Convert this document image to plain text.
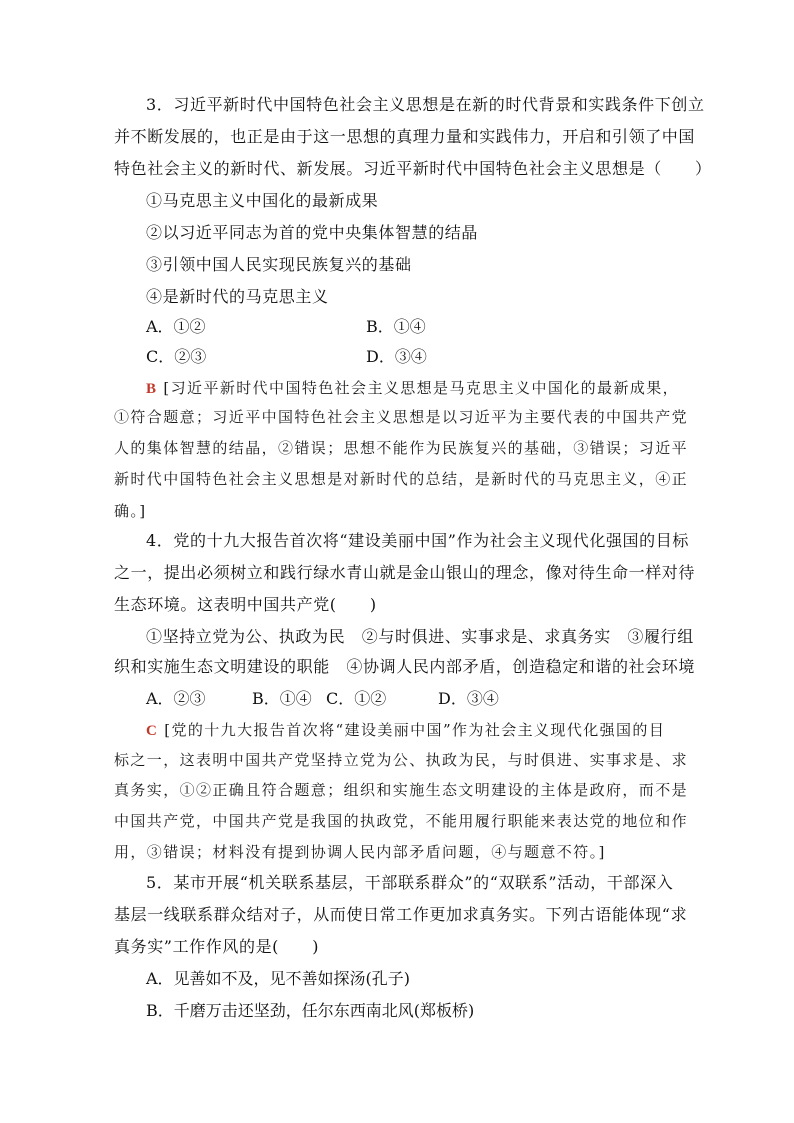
3．习近平新时代中国特色社会主义思想是在新的时代背景和实践条件下创立
并不断发展的，也正是由于这一思想的真理力量和实践伟力，开启和引领了中国
特色社会主义的新时代、新发展。习近平新时代中国特色社会主义思想是（　　）
①马克思主义中国化的最新成果
②以习近平同志为首的党中央集体智慧的结晶
③引领中国人民实现民族复兴的基础
④是新时代的马克思主义
A．①②	B．①④
C．②③	D．③④
B [习近平新时代中国特色社会主义思想是马克思主义中国化的最新成果，
①符合题意；习近平中国特色社会主义思想是以习近平为主要代表的中国共产党
人的集体智慧的结晶，②错误；思想不能作为民族复兴的基础，③错误；习近平
新时代中国特色社会主义思想是对新时代的总结，是新时代的马克思主义，④正
确。]
4．党的十九大报告首次将“建设美丽中国”作为社会主义现代化强国的目标
之一，提出必须树立和践行绿水青山就是金山银山的理念，像对待生命一样对待
生态环境。这表明中国共产党(　　)
①坚持立党为公、执政为民　②与时俱进、实事求是、求真务实　③履行组
织和实施生态文明建设的职能　④协调人民内部矛盾，创造稳定和谐的社会环境
A．②③	B．①④ C．①②	D．③④
C [党的十九大报告首次将“建设美丽中国”作为社会主义现代化强国的目
标之一，这表明中国共产党坚持立党为公、执政为民，与时俱进、实事求是、求
真务实，①②正确且符合题意；组织和实施生态文明建设的主体是政府，而不是
中国共产党，中国共产党是我国的执政党，不能用履行职能来表达党的地位和作
用，③错误；材料没有提到协调人民内部矛盾问题，④与题意不符。]
5．某市开展“机关联系基层，干部联系群众”的“双联系”活动，干部深入
基层一线联系群众结对子，从而使日常工作更加求真务实。下列古语能体现“求
真务实”工作作风的是(　　)
A．见善如不及，见不善如探汤(孔子)
B．千磨万击还坚劲，任尔东西南北风(郑板桥)
